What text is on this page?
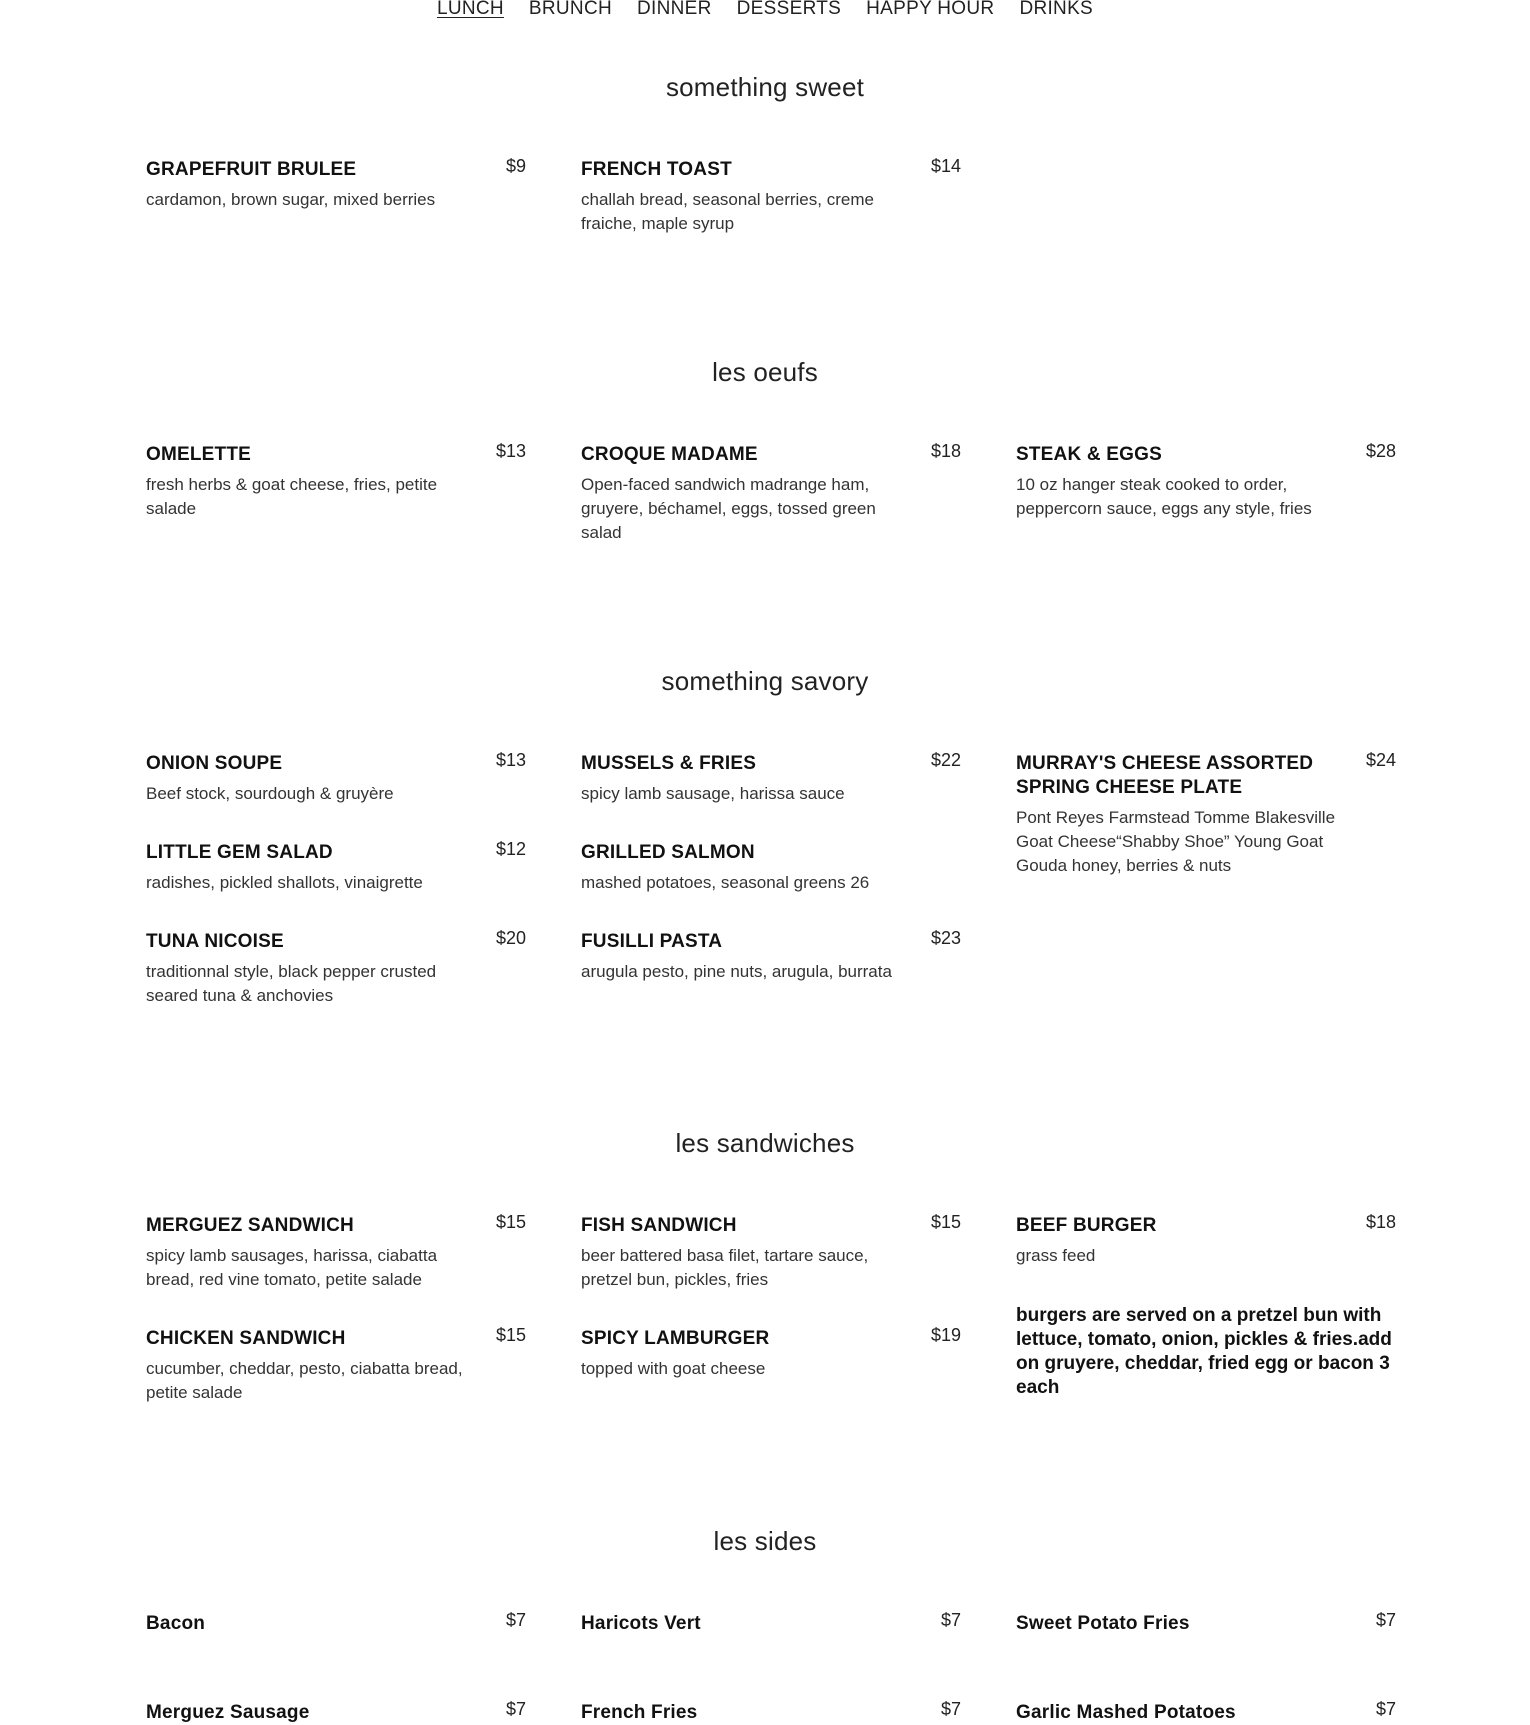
LUNCH BRUNCH DINNER DESSERTS HAPPY HOUR DRINKS
something sweet
GRAPEFRUIT BRULEE	$9
cardamon, brown sugar, mixed berries
FRENCH TOAST	$14
challah bread, seasonal berries, creme fraiche, maple syrup
les oeufs
OMELETTE	$13
fresh herbs & goat cheese, fries, petite salade
CROQUE MADAME	$18
Open-faced sandwich madrange ham, gruyere, béchamel, eggs, tossed green salad
STEAK & EGGS	$28
10 oz hanger steak cooked to order, peppercorn sauce, eggs any style, fries
something savory
ONION SOUPE	$13
Beef stock, sourdough & gruyère
MUSSELS & FRIES	$22
spicy lamb sausage, harissa sauce
MURRAY'S CHEESE ASSORTED SPRING CHEESE PLATE
$24
Pont Reyes Farmstead Tomme Blakesville Goat Cheese“Shabby Shoe” Young Goat Gouda honey, berries & nuts
LITTLE GEM SALAD	$12
radishes, pickled shallots, vinaigrette
GRILLED SALMON
mashed potatoes, seasonal greens 26
TUNA NICOISE	$20
traditionnal style, black pepper crusted seared tuna & anchovies
FUSILLI PASTA	$23
arugula pesto, pine nuts, arugula, burrata
les sandwiches
MERGUEZ SANDWICH	$15
spicy lamb sausages, harissa, ciabatta bread, red vine tomato, petite salade
FISH SANDWICH	$15
beer battered basa filet, tartare sauce, pretzel bun, pickles, fries
BEEF BURGER	$18
grass feed
CHICKEN SANDWICH	$15
cucumber, cheddar, pesto, ciabatta bread, petite salade
SPICY LAMBURGER	$19
topped with goat cheese
burgers are served on a pretzel bun with lettuce, tomato, onion, pickles & fries.add on gruyere, cheddar, fried egg or bacon 3 each
les sides
Bacon	$7	Haricots Vert	$7	Sweet Potato Fries	$7
Merguez Sausage	$7	French Fries	$7	Garlic Mashed Potatoes	$7
